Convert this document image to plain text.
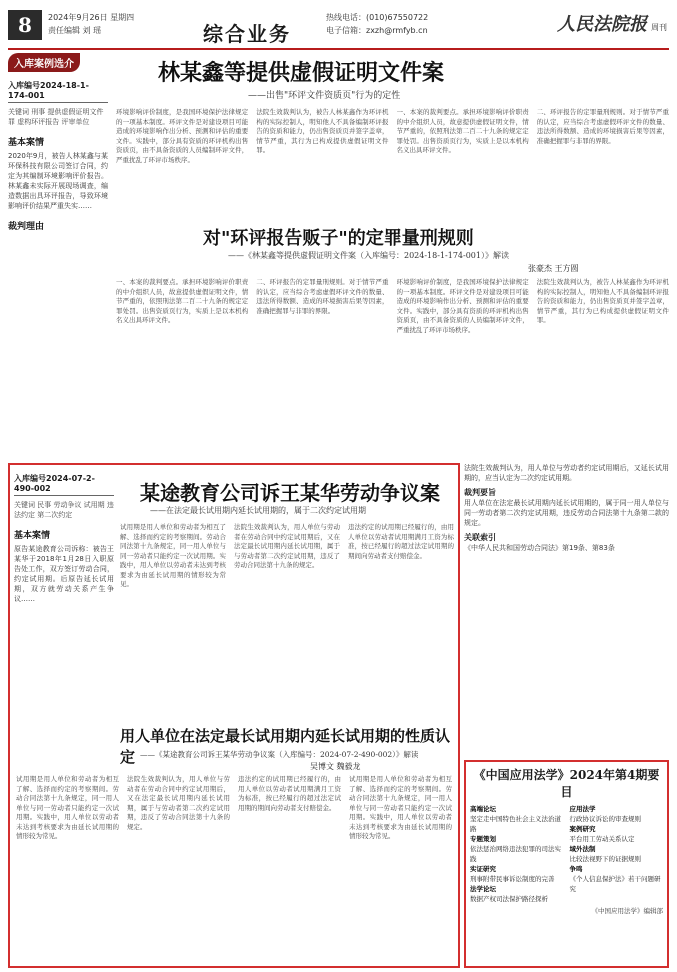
8	2024年9月26日 星期四
责任编辑 刘 瑶	综合业务
热线电话：(010)67550722
电子信箱：zxzh@rmfyb.cn	人民法院报 周刊
入库案例选介
入库编号2024-18-1-174-001
关键词 刑事 提供虚假证明文件罪 虚构环评报告 评审单位
基本案情
2020年9月，被告人林某鑫与某环保科技有限公司签订合同，约定为其编制环境影响评价报告。林某鑫未实际开展现场调查，编造数据出具环评报告，导致环境影响评价结果严重失实……
裁判理由
林某鑫等提供虚假证明文件案
——出售"环评文件资质页"行为的定性
环境影响评价制度，是我国环境保护法律规定的一项基本制度。环评文件是对建设项目可能造成的环境影响作出分析、预测和评估的重要文件。实践中，部分具有资质的环评机构出售资质页，由不具备资质的人员编制环评文件，严重扰乱了环评市场秩序。
法院生效裁判认为，被告人林某鑫作为环评机构的实际控制人，明知他人不具备编制环评报告的资质和能力，仍出售资质页并签字盖章，情节严重，其行为已构成提供虚假证明文件罪。
一、本案的裁判要点。承担环境影响评价职责的中介组织人员，故意提供虚假证明文件，情节严重的，依照刑法第二百二十九条的规定定罪处罚。出售资质页行为，实质上是以本机构名义出具环评文件。
二、环评报告的定罪量刑规则。对于情节严重的认定，应当综合考虑虚假环评文件的数量、违法所得数额、造成的环境损害后果等因素，准确把握罪与非罪的界限。
对"环评报告贩子"的定罪量刑规则
——《林某鑫等提供虚假证明文件案（入库编号：2024-18-1-174-001）》解读
张豪杰 王方圆
一、本案的裁判要点。承担环境影响评价职责的中介组织人员，故意提供虚假证明文件，情节严重的，依照刑法第二百二十九条的规定定罪处罚。出售资质页行为，实质上是以本机构名义出具环评文件。
二、环评报告的定罪量刑规则。对于情节严重的认定，应当综合考虑虚假环评文件的数量、违法所得数额、造成的环境损害后果等因素，准确把握罪与非罪的界限。
环境影响评价制度，是我国环境保护法律规定的一项基本制度。环评文件是对建设项目可能造成的环境影响作出分析、预测和评估的重要文件。实践中，部分具有资质的环评机构出售资质页，由不具备资质的人员编制环评文件，严重扰乱了环评市场秩序。
法院生效裁判认为，被告人林某鑫作为环评机构的实际控制人，明知他人不具备编制环评报告的资质和能力，仍出售资质页并签字盖章，情节严重，其行为已构成提供虚假证明文件罪。
入库编号2024-07-2-490-002
关键词 民事 劳动争议 试用期 违法约定 第二次约定
基本案情
原告某途教育公司诉称：被告王某华于2018年1月28日入职原告处工作，双方签订劳动合同，约定试用期。后原告延长试用期，双方就劳动关系产生争议……
某途教育公司诉王某华劳动争议案
——在法定最长试用期内延长试用期的，属于二次约定试用期
试用期是用人单位和劳动者为相互了解、选择而约定的考察期间。劳动合同法第十九条规定，同一用人单位与同一劳动者只能约定一次试用期。实践中，用人单位以劳动者未达到考核要求为由延长试用期的情形较为常见。
法院生效裁判认为，用人单位与劳动者在劳动合同中约定试用期后，又在法定最长试用期内延长试用期，属于与劳动者第二次约定试用期，违反了劳动合同法第十九条的规定。
违法约定的试用期已经履行的，由用人单位以劳动者试用期满月工资为标准，按已经履行的超过法定试用期的期间向劳动者支付赔偿金。
用人单位在法定最长试用期内延长试用期的性质认定 ——《某途教育公司诉王某华劳动争议案（入库编号：2024-07-2-490-002）》解读
吴博文 魏毅龙
试用期是用人单位和劳动者为相互了解、选择而约定的考察期间。劳动合同法第十九条规定，同一用人单位与同一劳动者只能约定一次试用期。实践中，用人单位以劳动者未达到考核要求为由延长试用期的情形较为常见。
法院生效裁判认为，用人单位与劳动者在劳动合同中约定试用期后，又在法定最长试用期内延长试用期，属于与劳动者第二次约定试用期，违反了劳动合同法第十九条的规定。
违法约定的试用期已经履行的，由用人单位以劳动者试用期满月工资为标准，按已经履行的超过法定试用期的期间向劳动者支付赔偿金。
试用期是用人单位和劳动者为相互了解、选择而约定的考察期间。劳动合同法第十九条规定，同一用人单位与同一劳动者只能约定一次试用期。实践中，用人单位以劳动者未达到考核要求为由延长试用期的情形较为常见。
法院生效裁判认为，用人单位与劳动者约定试用期后，又延长试用期的，应当认定为二次约定试用期。
裁判要旨
用人单位在法定最长试用期内延长试用期的，属于同一用人单位与同一劳动者第二次约定试用期，违反劳动合同法第十九条第二款的规定。
关联索引
《中华人民共和国劳动合同法》第19条、第83条
《中国应用法学》2024年第4期要目
高端论坛
坚定走中国特色社会主义法治道路
专题策划
依法惩治网络违法犯罪的司法实践
实证研究
刑事附带民事诉讼制度的完善
法学论坛
数据产权司法保护路径探析
应用法学
行政协议诉讼的审查规则
案例研究
平台用工劳动关系认定
域外法制
比较法视野下的证据规则
争鸣
《个人信息保护法》若干问题研究
《中国应用法学》编辑部
